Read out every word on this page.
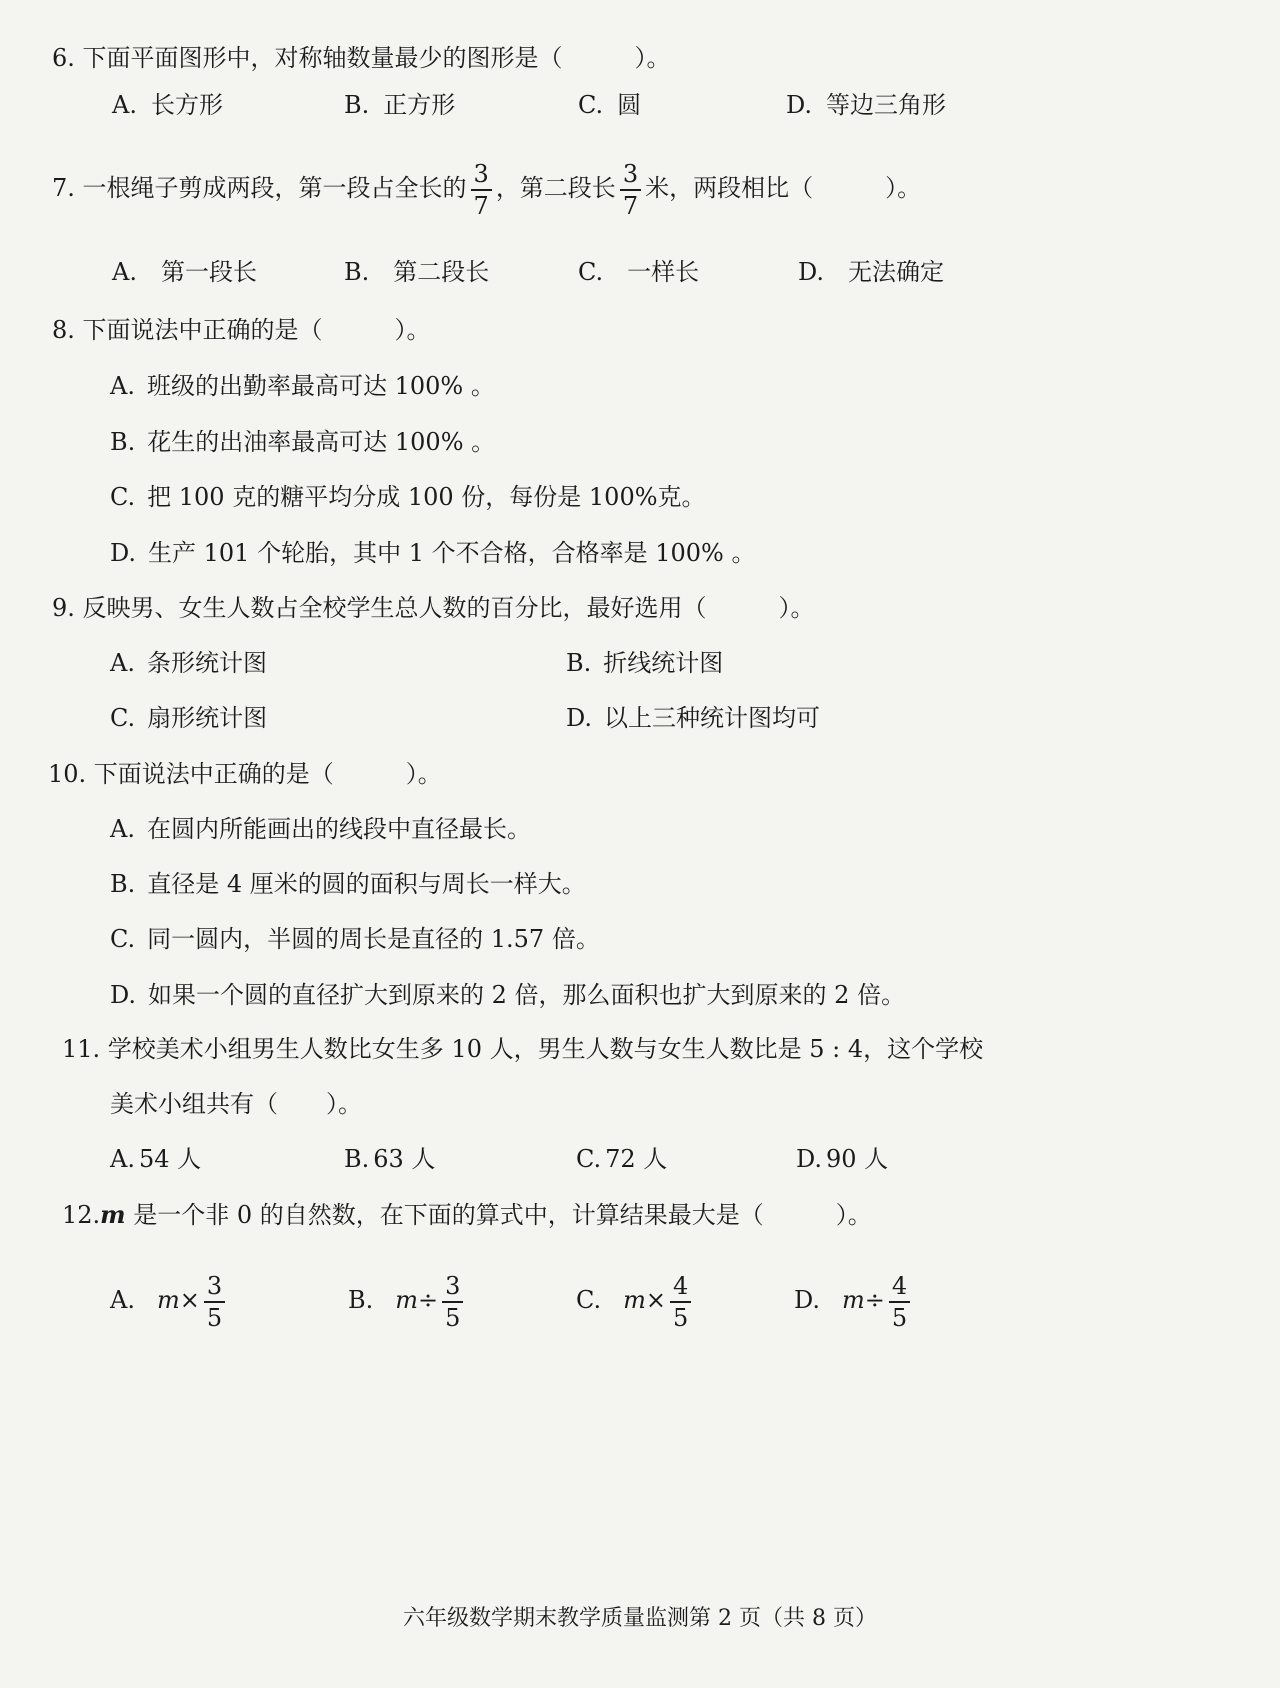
6. 下面平面图形中，对称轴数量最少的图形是（　　　）。
A. 长方形	B. 正方形	C. 圆	D. 等边三角形
7. 一根绳子剪成两段，第一段占全长的 $\frac{3}{7}$ ，第二段长 $\frac{3}{7}$ 米，两段相比（　　　）。
A. 第一段长	B. 第二段长	C. 一样长	D. 无法确定
8. 下面说法中正确的是（　　　）。
A. 班级的出勤率最高可达 100% 。
B. 花生的出油率最高可达 100% 。
C. 把 100 克的糖平均分成 100 份，每份是 100%克。
D. 生产 101 个轮胎，其中 1 个不合格，合格率是 100% 。
9. 反映男、女生人数占全校学生总人数的百分比，最好选用（　　　）。
A. 条形统计图	B. 折线统计图
C. 扇形统计图	D. 以上三种统计图均可
10. 下面说法中正确的是（　　　）。
A. 在圆内所能画出的线段中直径最长。
B. 直径是 4 厘米的圆的面积与周长一样大。
C. 同一圆内，半圆的周长是直径的 1.57 倍。
D. 如果一个圆的直径扩大到原来的 2 倍，那么面积也扩大到原来的 2 倍。
11. 学校美术小组男生人数比女生多 10 人，男生人数与女生人数比是 5 : 4，这个学校
美术小组共有（　　）。
A. 54 人	B. 63 人	C. 72 人	D. 90 人
12.m 是一个非 0 的自然数，在下面的算式中，计算结果最大是（　　　）。
A. $m\times \frac{3}{5}$	B. $m\div \frac{3}{5}$	C. $m\times \frac{4}{5}$	D. $m\div \frac{4}{5}$
六年级数学期末教学质量监测第 2 页（共 8 页）
